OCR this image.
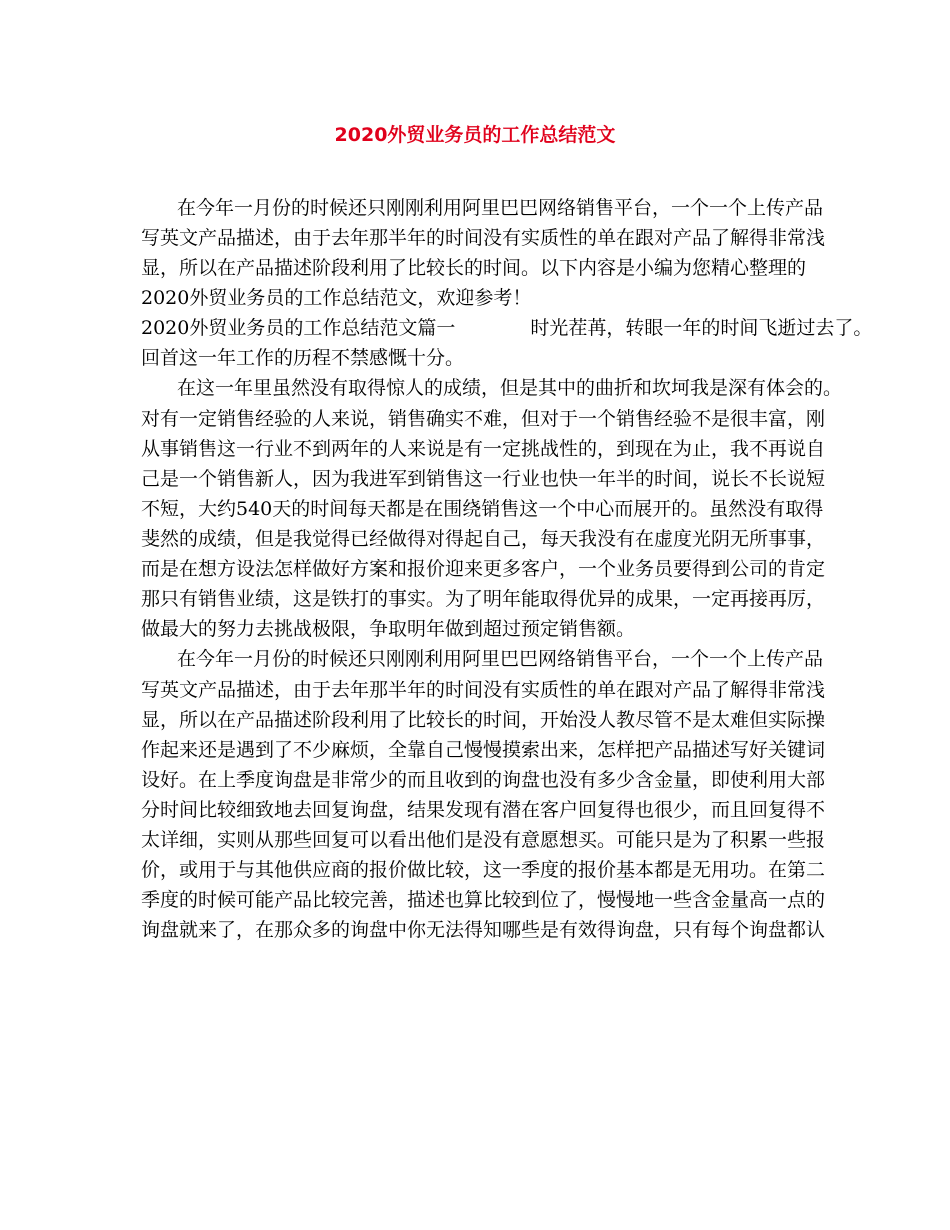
2020外贸业务员的工作总结范文
在今年一月份的时候还只刚刚利用阿里巴巴网络销售平台，一个一个上传产品
写英文产品描述，由于去年那半年的时间没有实质性的单在跟对产品了解得非常浅
显，所以在产品描述阶段利用了比较长的时间。以下内容是小编为您精心整理的
2020外贸业务员的工作总结范文，欢迎参考！
2020外贸业务员的工作总结范文篇一	时光茬苒，转眼一年的时间飞逝过去了。
回首这一年工作的历程不禁感慨十分。
在这一年里虽然没有取得惊人的成绩，但是其中的曲折和坎坷我是深有体会的。
对有一定销售经验的人来说，销售确实不难，但对于一个销售经验不是很丰富，刚
从事销售这一行业不到两年的人来说是有一定挑战性的，到现在为止，我不再说自
己是一个销售新人，因为我进军到销售这一行业也快一年半的时间，说长不长说短
不短，大约540天的时间每天都是在围绕销售这一个中心而展开的。虽然没有取得
斐然的成绩，但是我觉得已经做得对得起自己，每天我没有在虚度光阴无所事事，
而是在想方设法怎样做好方案和报价迎来更多客户，一个业务员要得到公司的肯定
那只有销售业绩，这是铁打的事实。为了明年能取得优异的成果，一定再接再厉，
做最大的努力去挑战极限，争取明年做到超过预定销售额。
在今年一月份的时候还只刚刚利用阿里巴巴网络销售平台，一个一个上传产品
写英文产品描述，由于去年那半年的时间没有实质性的单在跟对产品了解得非常浅
显，所以在产品描述阶段利用了比较长的时间，开始没人教尽管不是太难但实际操
作起来还是遇到了不少麻烦，全靠自己慢慢摸索出来，怎样把产品描述写好关键词
设好。在上季度询盘是非常少的而且收到的询盘也没有多少含金量，即使利用大部
分时间比较细致地去回复询盘，结果发现有潜在客户回复得也很少，而且回复得不
太详细，实则从那些回复可以看出他们是没有意愿想买。可能只是为了积累一些报
价，或用于与其他供应商的报价做比较，这一季度的报价基本都是无用功。在第二
季度的时候可能产品比较完善，描述也算比较到位了，慢慢地一些含金量高一点的
询盘就来了，在那众多的询盘中你无法得知哪些是有效得询盘，只有每个询盘都认
